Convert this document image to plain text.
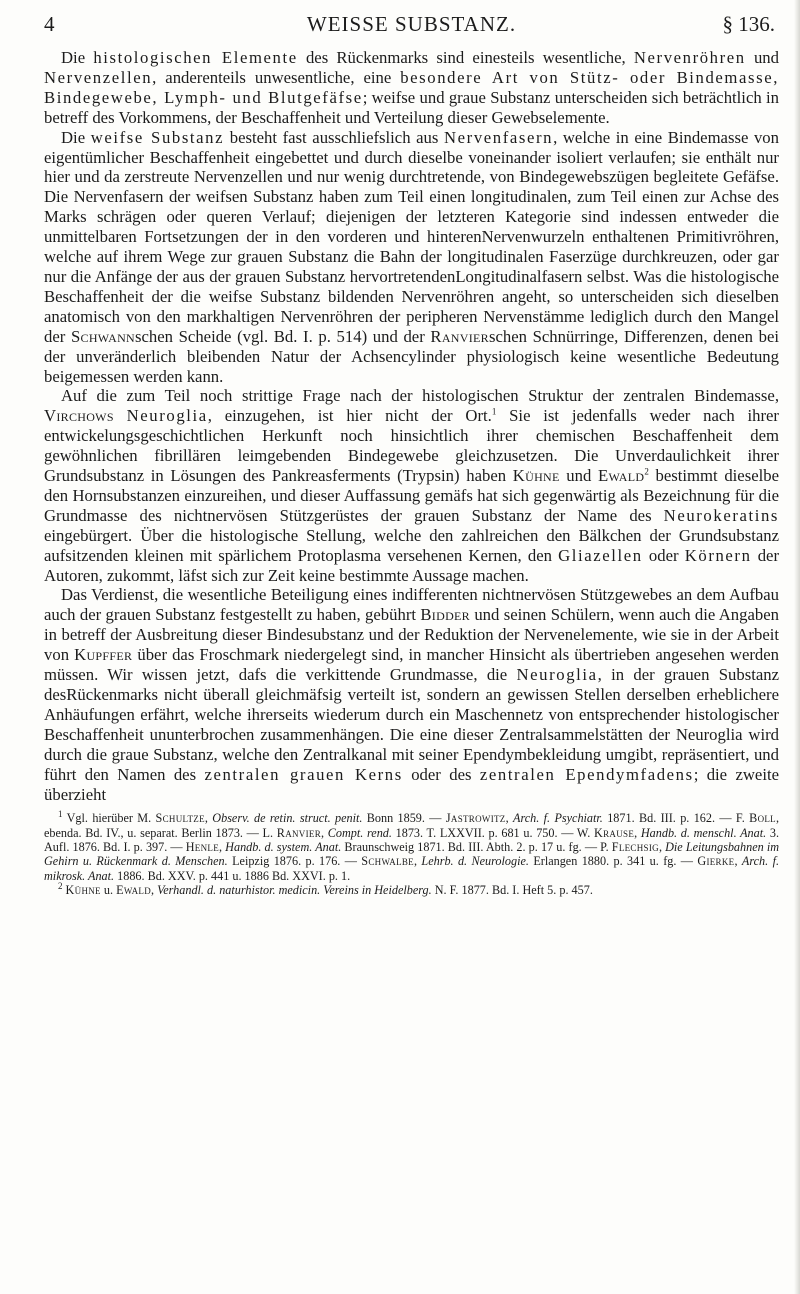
4	WEISSE SUBSTANZ.	§ 136.

Die histologischen Elemente des Rückenmarks sind einesteils wesentliche, Nervenröhren und Nervenzellen, anderenteils unwesentliche, eine besondere Art von Stütz- oder Bindemasse, Bindegewebe, Lymph- und Blutgefäfse; weifse und graue Substanz unterscheiden sich beträchtlich in betreff des Vorkommens, der Beschaffenheit und Verteilung dieser Gewebselemente.

Die weifse Substanz besteht fast ausschliefslich aus Nervenfasern, welche in eine Bindemasse von eigentümlicher Beschaffenheit eingebettet und durch dieselbe voneinander isoliert verlaufen; sie enthält nur hier und da zerstreute Nervenzellen und nur wenig durchtretende, von Bindegewebszügen begleitete Gefäfse. Die Nervenfasern der weifsen Substanz haben zum Teil einen longitudinalen, zum Teil einen zur Achse des Marks schrägen oder queren Verlauf; diejenigen der letzteren Kategorie sind indessen entweder die unmittelbaren Fortsetzungen der in den vorderen und hinterenNervenwurzeln enthaltenen Primitivröhren, welche auf ihrem Wege zur grauen Substanz die Bahn der longitudinalen Faserzüge durchkreuzen, oder gar nur die Anfänge der aus der grauen Substanz hervortretendenLongitudinalfasern selbst. Was die histologische Beschaffenheit der die weifse Substanz bildenden Nervenröhren angeht, so unterscheiden sich dieselben anatomisch von den markhaltigen Nervenröhren der peripheren Nervenstämme lediglich durch den Mangel der Schwannschen Scheide (vgl. Bd. I. p. 514) und der Ranvierschen Schnürringe, Differenzen, denen bei der unveränderlich bleibenden Natur der Achsencylinder physiologisch keine wesentliche Bedeutung beigemessen werden kann.

Auf die zum Teil noch strittige Frage nach der histologischen Struktur der zentralen Bindemasse, Virchows Neuroglia, einzugehen, ist hier nicht der Ort.$^1$ Sie ist jedenfalls weder nach ihrer entwickelungsgeschichtlichen Herkunft noch hinsichtlich ihrer chemischen Beschaffenheit dem gewöhnlichen fibrillären leimgebenden Bindegewebe gleichzusetzen. Die Unverdaulichkeit ihrer Grundsubstanz in Lösungen des Pankreasferments (Trypsin) haben Kühne und Ewald$^2$ bestimmt dieselbe den Hornsubstanzen einzureihen, und dieser Auffassung gemäfs hat sich gegenwärtig als Bezeichnung für die Grundmasse des nichtnervösen Stützgerüstes der grauen Substanz der Name des Neurokeratins eingebürgert. Über die histologische Stellung, welche den zahlreichen den Bälkchen der Grundsubstanz aufsitzenden kleinen mit spärlichem Protoplasma versehenen Kernen, den Gliazellen oder Körnern der Autoren, zukommt, läfst sich zur Zeit keine bestimmte Aussage machen.

Das Verdienst, die wesentliche Beteiligung eines indifferenten nichtnervösen Stützgewebes an dem Aufbau auch der grauen Substanz festgestellt zu haben, gebührt Bidder und seinen Schülern, wenn auch die Angaben in betreff der Ausbreitung dieser Bindesubstanz und der Reduktion der Nervenelemente, wie sie in der Arbeit von Kupffer über das Froschmark niedergelegt sind, in mancher Hinsicht als übertrieben angesehen werden müssen. Wir wissen jetzt, dafs die verkittende Grundmasse, die Neuroglia, in der grauen Substanz desRückenmarks nicht überall gleichmäfsig verteilt ist, sondern an gewissen Stellen derselben erheblichere Anhäufungen erfährt, welche ihrerseits wiederum durch ein Maschennetz von entsprechender histologischer Beschaffenheit ununterbrochen zusammenhängen. Die eine dieser Zentralsammelstätten der Neuroglia wird durch die graue Substanz, welche den Zentralkanal mit seiner Ependymbekleidung umgibt, repräsentiert, und führt den Namen des zentralen grauen Kerns oder des zentralen Ependymfadens; die zweite überzieht

$^1$ Vgl. hierüber M. Schultze, Observ. de retin. struct. penit. Bonn 1859. — Jastrowitz, Arch. f. Psychiatr. 1871. Bd. III. p. 162. — F. Boll, ebenda. Bd. IV., u. separat. Berlin 1873. — L. Ranvier, Compt. rend. 1873. T. LXXVII. p. 681 u. 750. — W. Krause, Handb. d. menschl. Anat. 3. Aufl. 1876. Bd. I. p. 397. — Henle, Handb. d. system. Anat. Braunschweig 1871. Bd. III. Abth. 2. p. 17 u. fg. — P. Flechsig, Die Leitungsbahnen im Gehirn u. Rückenmark d. Menschen. Leipzig 1876. p. 176. — Schwalbe, Lehrb. d. Neurologie. Erlangen 1880. p. 341 u. fg. — Gierke, Arch. f. mikrosk. Anat. 1886. Bd. XXV. p. 441 u. 1886 Bd. XXVI. p. 1.

$^2$ Kühne u. Ewald, Verhandl. d. naturhistor. medicin. Vereins in Heidelberg. N. F. 1877. Bd. I. Heft 5. p. 457.
